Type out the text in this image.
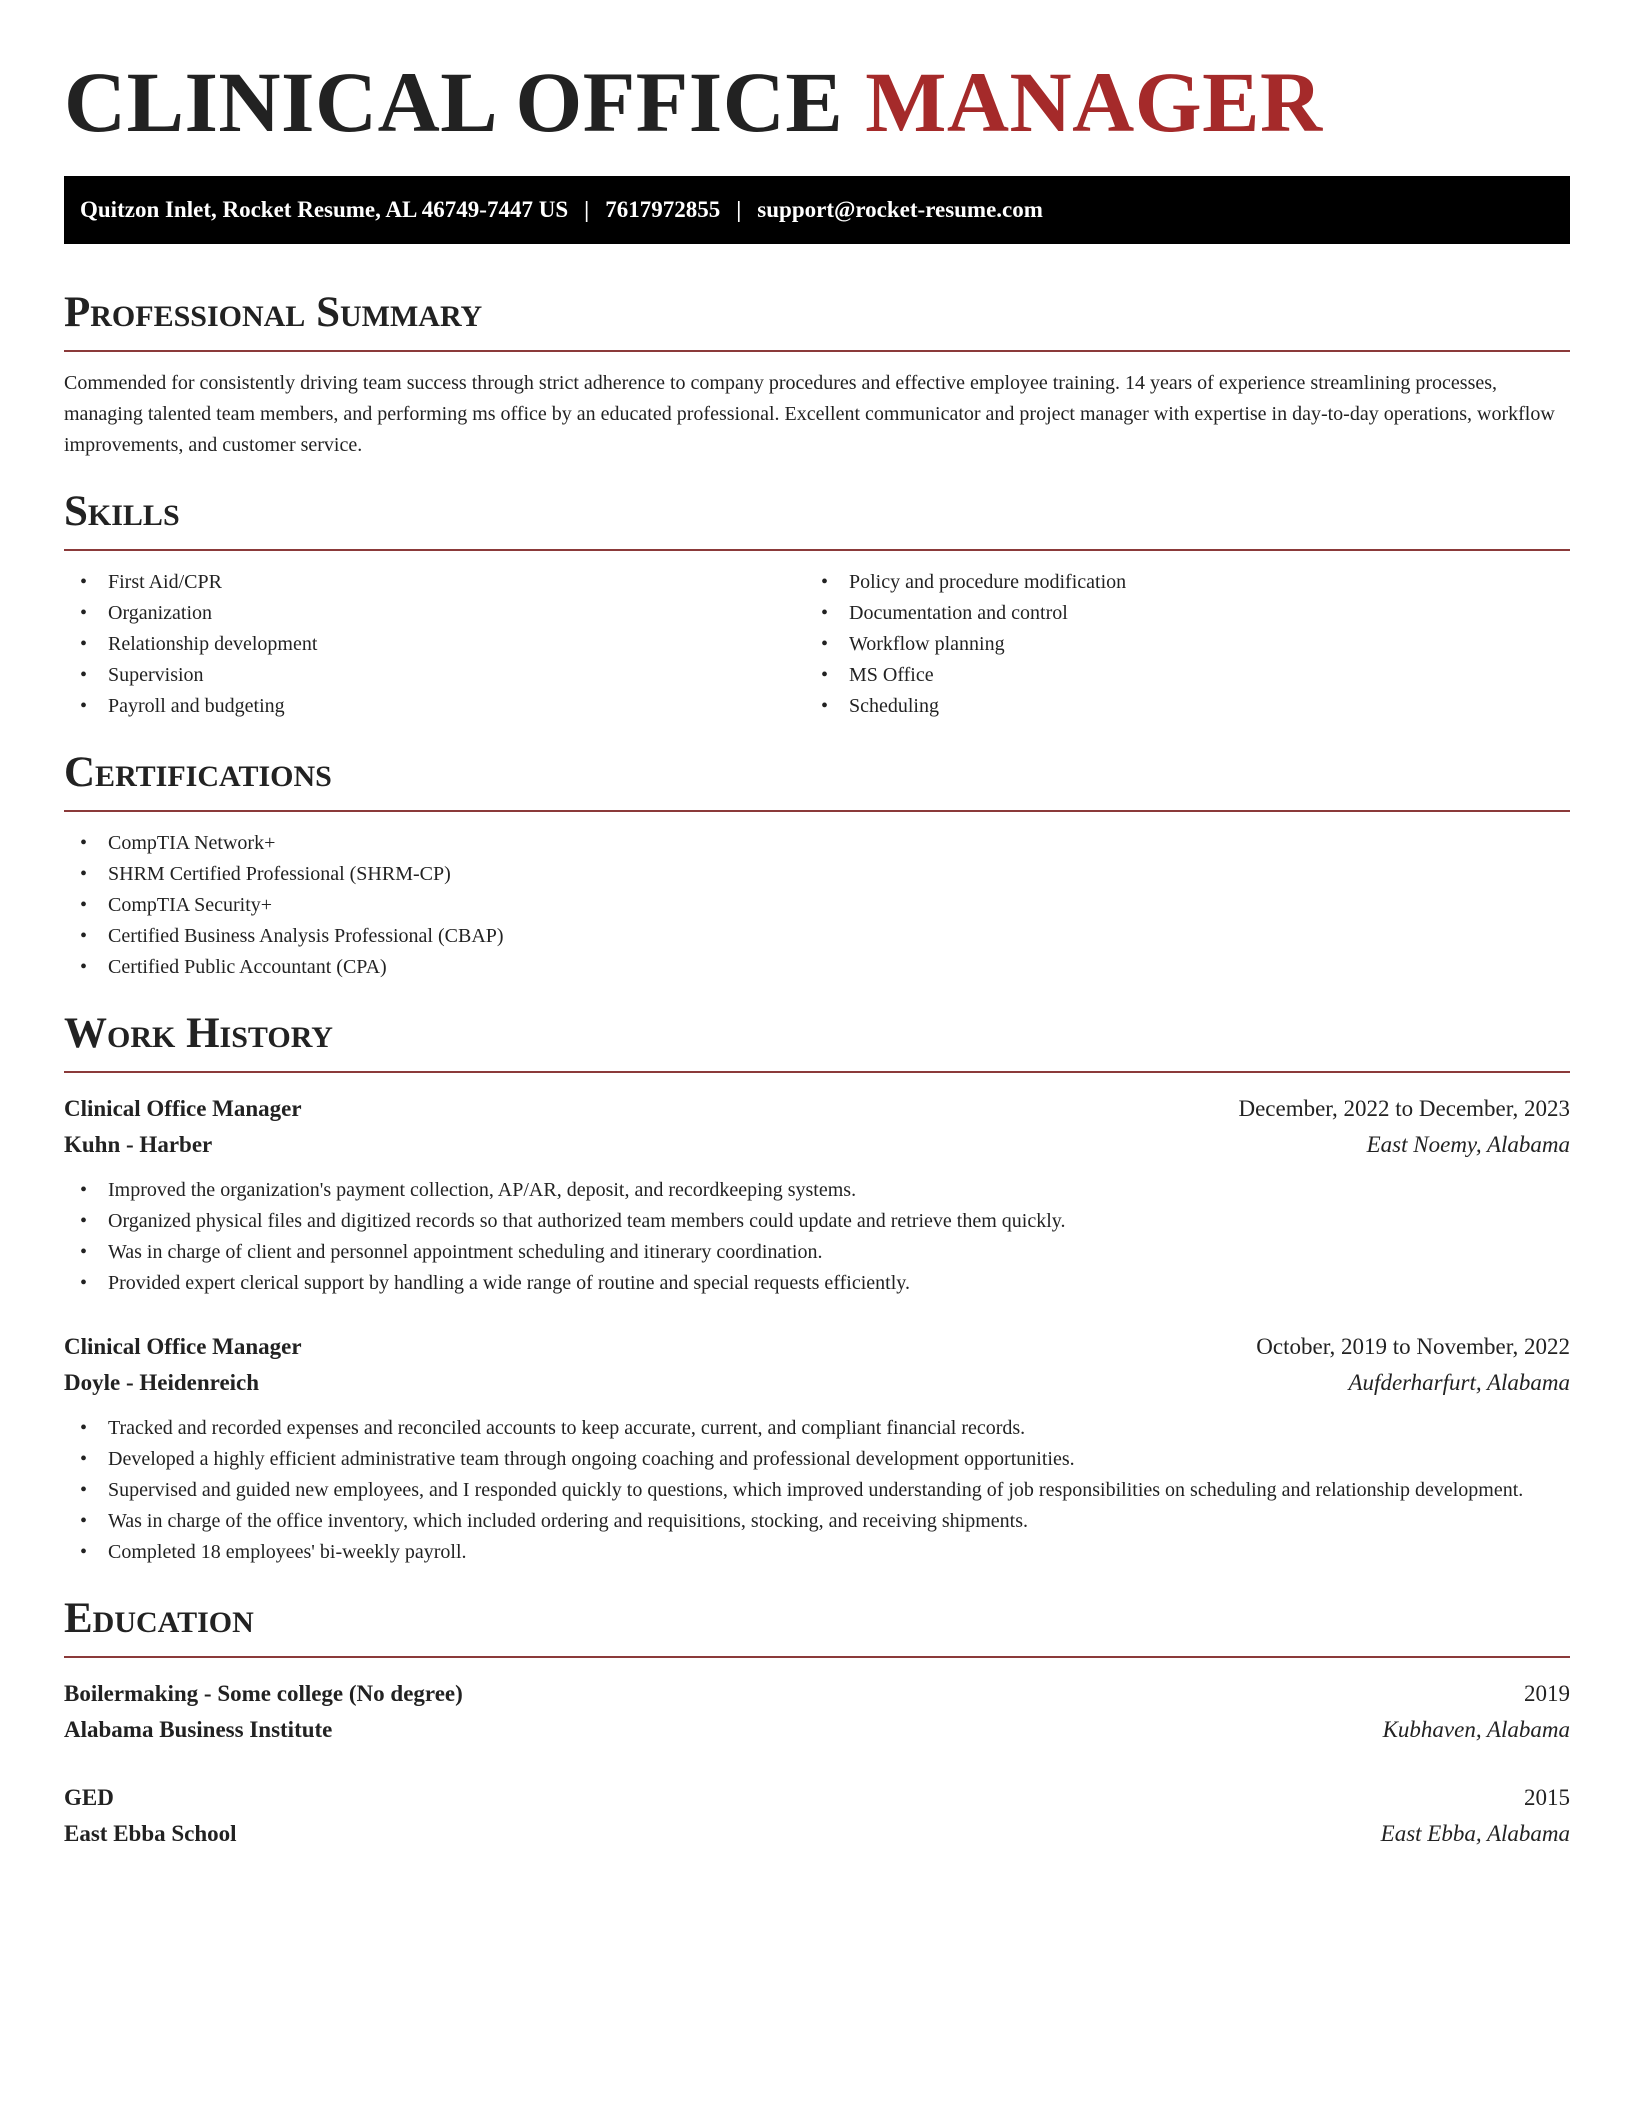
CLINICAL OFFICE MANAGER
Quitzon Inlet, Rocket Resume, AL 46749-7447 US | 7617972855 | support@rocket-resume.com
Professional Summary

Commended for consistently driving team success through strict adherence to company procedures and effective employee training. 14 years of experience streamlining processes, managing talented team members, and performing ms office by an educated professional. Excellent communicator and project manager with expertise in day-to-day operations, workflow improvements, and customer service.

Skills
• First Aid/CPR
• Organization
• Relationship development
• Supervision
• Payroll and budgeting
• Policy and procedure modification
• Documentation and control
• Workflow planning
• MS Office
• Scheduling
Certifications
• CompTIA Network+
• SHRM Certified Professional (SHRM-CP)
• CompTIA Security+
• Certified Business Analysis Professional (CBAP)
• Certified Public Accountant (CPA)
Work History
Clinical Office Manager	December, 2022 to December, 2023
Kuhn - Harber	East Noemy, Alabama
• Improved the organization's payment collection, AP/AR, deposit, and recordkeeping systems.
• Organized physical files and digitized records so that authorized team members could update and retrieve them quickly.
• Was in charge of client and personnel appointment scheduling and itinerary coordination.
• Provided expert clerical support by handling a wide range of routine and special requests efficiently.
Clinical Office Manager	October, 2019 to November, 2022
Doyle - Heidenreich	Aufderharfurt, Alabama
• Tracked and recorded expenses and reconciled accounts to keep accurate, current, and compliant financial records.
• Developed a highly efficient administrative team through ongoing coaching and professional development opportunities.
• Supervised and guided new employees, and I responded quickly to questions, which improved understanding of job responsibilities on scheduling and relationship development.
• Was in charge of the office inventory, which included ordering and requisitions, stocking, and receiving shipments.
• Completed 18 employees' bi-weekly payroll.
Education
Boilermaking - Some college (No degree)	2019
Alabama Business Institute	Kubhaven, Alabama
GED	2015
East Ebba School	East Ebba, Alabama
